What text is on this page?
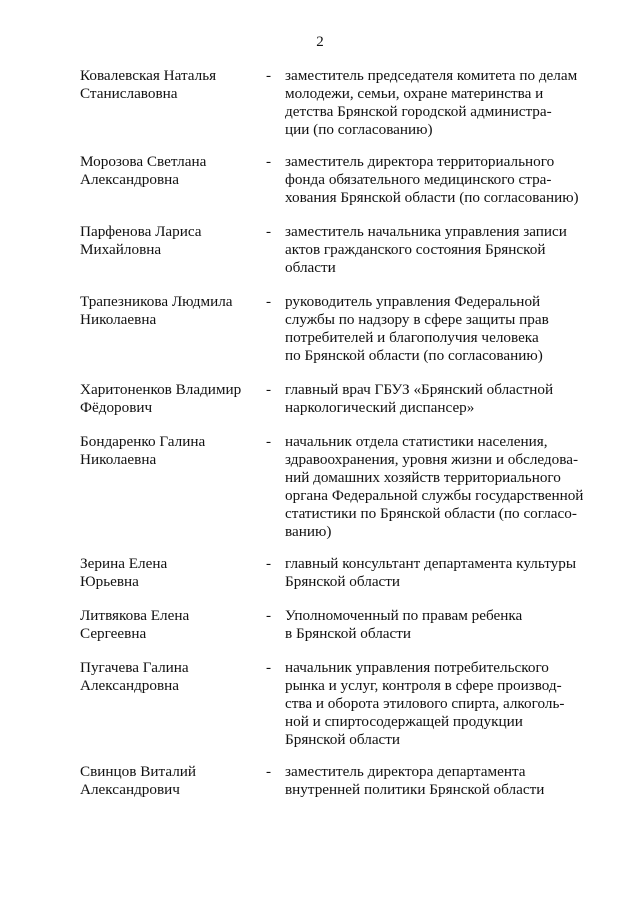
2
Ковалевская Наталья
Станиславовна
- заместитель председателя комитета по делам
молодежи, семьи, охране материнства и
детства Брянской городской администра-
ции (по согласованию)
Морозова Светлана
Александровна
- заместитель директора территориального
фонда обязательного медицинского стра-
хования Брянской области (по согласованию)
Парфенова Лариса
Михайловна
- заместитель начальника управления записи
актов гражданского состояния Брянской
области
Трапезникова Людмила
Николаевна
- руководитель управления Федеральной
службы по надзору в сфере защиты прав
потребителей и благополучия человека
по Брянской области (по согласованию)
Харитоненков Владимир
Фёдорович
- главный врач ГБУЗ «Брянский областной
наркологический диспансер»
Бондаренко Галина
Николаевна
- начальник отдела статистики населения,
здравоохранения, уровня жизни и обследова-
ний домашних хозяйств территориального
органа Федеральной службы государственной
статистики по Брянской области (по согласо-
ванию)
Зерина Елена
Юрьевна
- главный консультант департамента культуры
Брянской области
Литвякова Елена
Сергеевна
- Уполномоченный по правам ребенка
в Брянской области
Пугачева Галина
Александровна
- начальник управления потребительского
рынка и услуг, контроля в сфере производ-
ства и оборота этилового спирта, алкоголь-
ной и спиртосодержащей продукции
Брянской области
Свинцов Виталий
Александрович
- заместитель директора департамента
внутренней политики Брянской области
